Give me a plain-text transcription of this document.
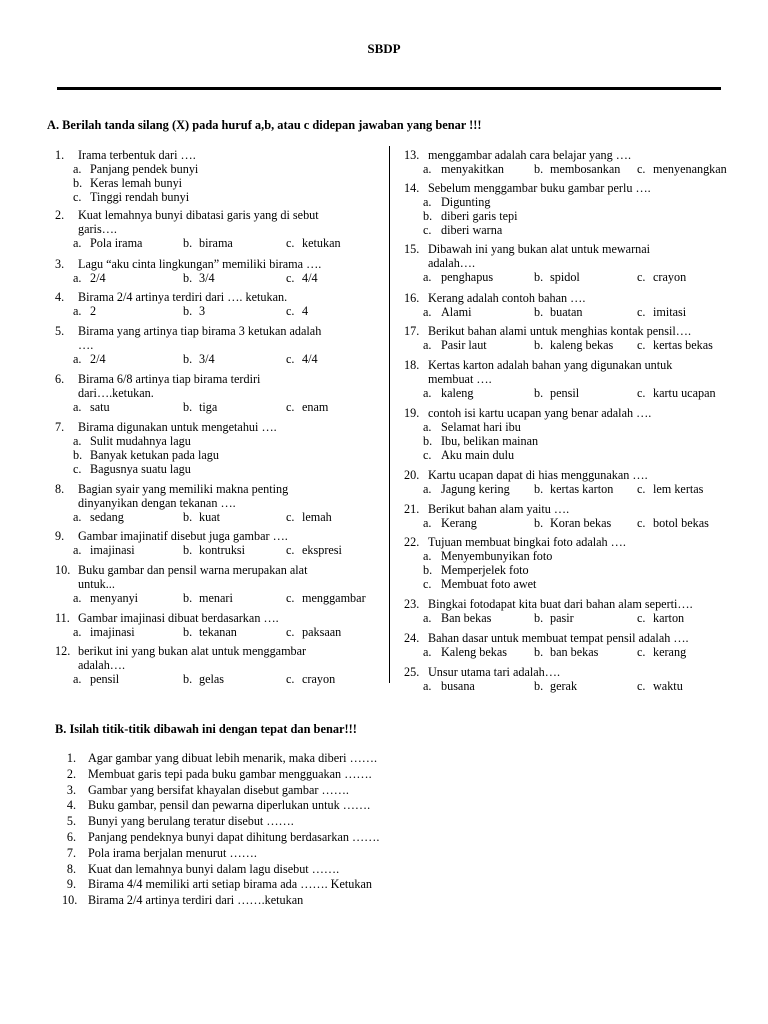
SBDP
A. Berilah tanda silang (X) pada huruf a,b, atau c didepan jawaban yang benar !!!
1. Irama terbentuk dari ….
a. Panjang pendek bunyi
b. Keras lemah bunyi
c. Tinggi rendah bunyi
2. Kuat lemahnya bunyi dibatasi garis yang di sebut
garis….
a. Pola irama	b. birama	c. ketukan
3. Lagu “aku cinta lingkungan” memiliki birama ….
a. 2/4	b. 3/4	c. 4/4
4. Birama 2/4 artinya terdiri dari …. ketukan.
a. 2	b. 3	c. 4
5. Birama yang artinya tiap birama 3 ketukan adalah
….
a. 2/4	b. 3/4	c. 4/4
6. Birama 6/8 artinya tiap birama terdiri
dari….ketukan.
a. satu	b. tiga	c. enam
7. Birama digunakan untuk mengetahui ….
a. Sulit mudahnya lagu
b. Banyak ketukan pada lagu
c. Bagusnya suatu lagu
8. Bagian syair yang memiliki makna penting
dinyanyikan dengan tekanan ….
a. sedang	b. kuat	c. lemah
9. Gambar imajinatif disebut juga gambar ….
a. imajinasi	b. kontruksi	c. ekspresi
10. Buku gambar dan pensil warna merupakan alat
untuk...
a. menyanyi	b. menari	c. menggambar
11. Gambar imajinasi dibuat berdasarkan ….
a. imajinasi	b. tekanan	c. paksaan
12. berikut ini yang bukan alat untuk menggambar
adalah….
a. pensil	b. gelas	c. crayon
13. menggambar adalah cara belajar yang ….
a. menyakitkan b. membosankan c. menyenangkan
14. Sebelum menggambar buku gambar perlu ….
a. Digunting
b. diberi garis tepi
c. diberi warna
15. Dibawah ini yang bukan alat untuk mewarnai
adalah….
a. penghapus	b. spidol	c. crayon
16. Kerang adalah contoh bahan ….
a. Alami	b. buatan	c. imitasi
17. Berikut bahan alami untuk menghias kontak pensil….
a. Pasir laut	b. kaleng bekas c. kertas bekas
18. Kertas karton adalah bahan yang digunakan untuk
membuat ….
a. kaleng	b. pensil	c. kartu ucapan
19. contoh isi kartu ucapan yang benar adalah ….
a. Selamat hari ibu
b. Ibu, belikan mainan
c. Aku main dulu
20. Kartu ucapan dapat di hias menggunakan ….
a. Jagung kering b. kertas karton c. lem kertas
21. Berikut bahan alam yaitu ….
a. Kerang	b. Koran bekas c. botol bekas
22. Tujuan membuat bingkai foto adalah ….
a. Menyembunyikan foto
b. Memperjelek foto
c. Membuat foto awet
23. Bingkai fotodapat kita buat dari bahan alam seperti….
a. Ban bekas	b. pasir	c. karton
24. Bahan dasar untuk membuat tempat pensil adalah ….
a. Kaleng bekas b. ban bekas	c. kerang
25. Unsur utama tari adalah….
a. busana	b. gerak	c. waktu
B. Isilah titik-titik dibawah ini dengan tepat dan benar!!!
1. Agar gambar yang dibuat lebih menarik, maka diberi …….
2. Membuat garis tepi pada buku gambar mengguakan …….
3. Gambar yang bersifat khayalan disebut gambar …….
4. Buku gambar, pensil dan pewarna diperlukan untuk …….
5. Bunyi yang berulang teratur disebut …….
6. Panjang pendeknya bunyi dapat dihitung berdasarkan …….
7. Pola irama berjalan menurut …….
8. Kuat dan lemahnya bunyi dalam lagu disebut …….
9. Birama 4/4 memiliki arti setiap birama ada ……. Ketukan
10. Birama 2/4 artinya terdiri dari …….ketukan
